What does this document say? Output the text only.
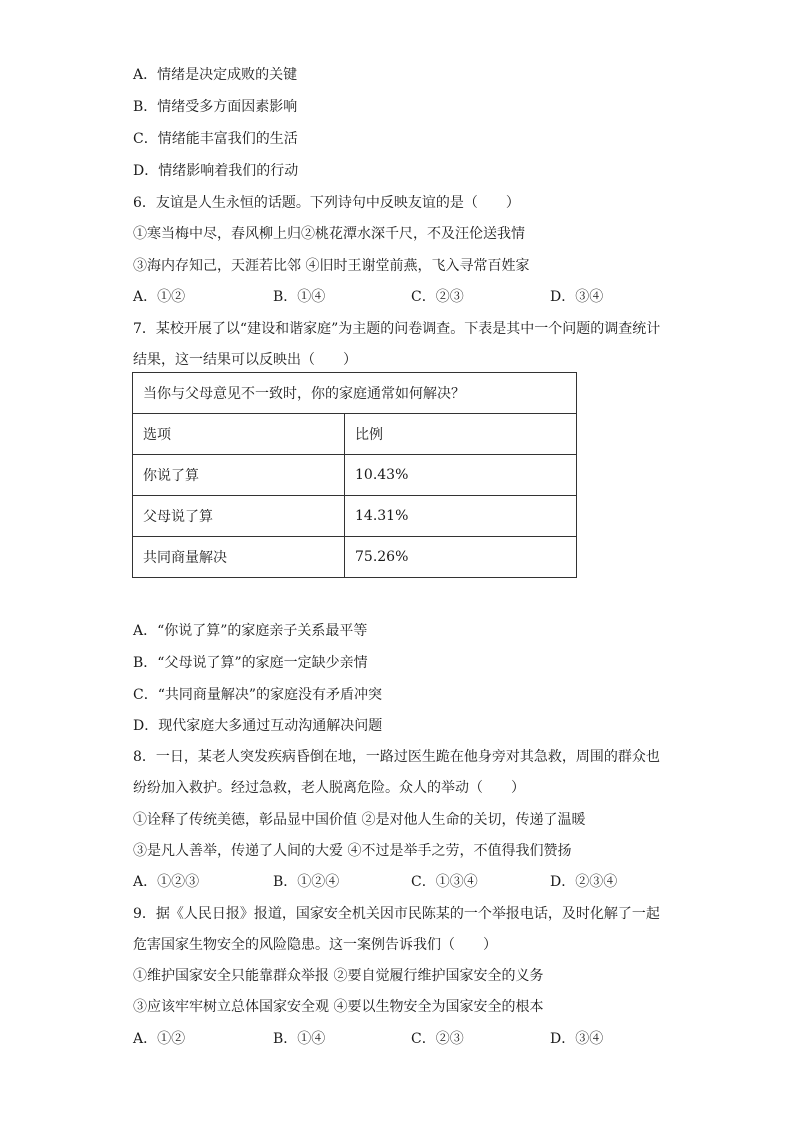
A．情绪是决定成败的关键
B．情绪受多方面因素影响
C．情绪能丰富我们的生活
D．情绪影响着我们的行动
6．友谊是人生永恒的话题。下列诗句中反映友谊的是（　　）
①寒当梅中尽，春风柳上归②桃花潭水深千尺，不及汪伦送我情
③海内存知己，天涯若比邻 ④旧时王谢堂前燕，飞入寻常百姓家
A．①②	B．①④	C．②③	D．③④
7．某校开展了以“建设和谐家庭”为主题的问卷调查。下表是其中一个问题的调查统计
结果，这一结果可以反映出（　　）
当你与父母意见不一致时，你的家庭通常如何解决？	
选项	比例
你说了算	10.43%
父母说了算	14.31%
共同商量解决	75.26%
A．“你说了算”的家庭亲子关系最平等
B．“父母说了算”的家庭一定缺少亲情
C．“共同商量解决”的家庭没有矛盾冲突
D．现代家庭大多通过互动沟通解决问题
8．一日，某老人突发疾病昏倒在地，一路过医生跪在他身旁对其急救，周围的群众也
纷纷加入救护。经过急救，老人脱离危险。众人的举动（　　）
①诠释了传统美德，彰品显中国价值 ②是对他人生命的关切，传递了温暖
③是凡人善举，传递了人间的大爱 ④不过是举手之劳，不值得我们赞扬
A．①②③	B．①②④	C．①③④	D．②③④
9．据《人民日报》报道，国家安全机关因市民陈某的一个举报电话，及时化解了一起
危害国家生物安全的风险隐患。这一案例告诉我们（　　）
①维护国家安全只能靠群众举报 ②要自觉履行维护国家安全的义务
③应该牢牢树立总体国家安全观 ④要以生物安全为国家安全的根本
A．①②	B．①④	C．②③	D．③④
